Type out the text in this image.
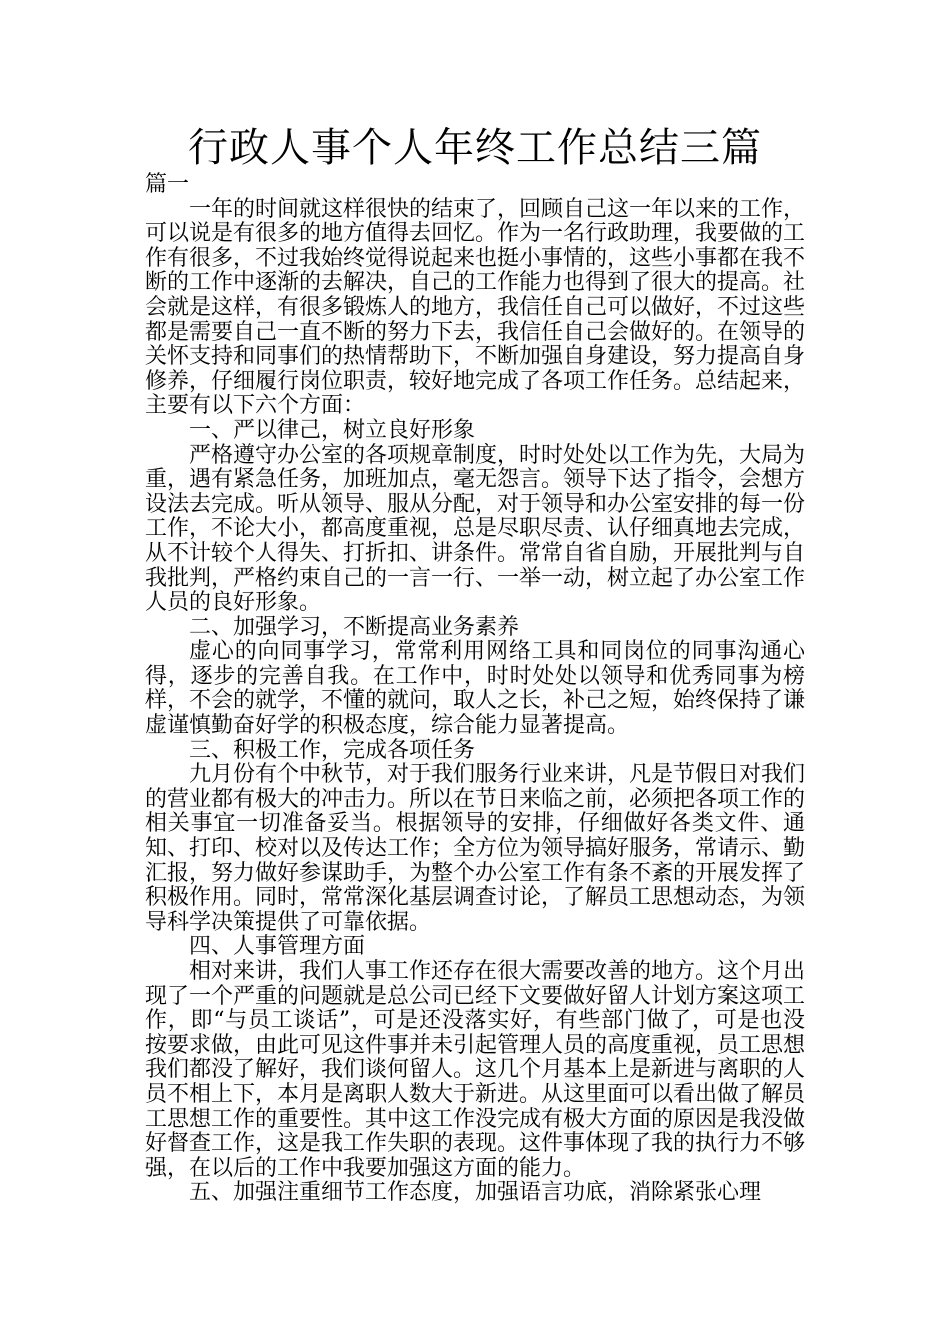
行政人事个人年终工作总结三篇

篇一

一年的时间就这样很快的结束了，回顾自己这一年以来的工作，可以说是有很多的地方值得去回忆。作为一名行政助理，我要做的工作有很多，不过我始终觉得说起来也挺小事情的，这些小事都在我不断的工作中逐渐的去解决，自己的工作能力也得到了很大的提高。社会就是这样，有很多锻炼人的地方，我信任自己可以做好，不过这些都是需要自己一直不断的努力下去，我信任自己会做好的。在领导的关怀支持和同事们的热情帮助下，不断加强自身建设，努力提高自身修养，仔细履行岗位职责，较好地完成了各项工作任务。总结起来，主要有以下六个方面：

一、严以律己，树立良好形象

严格遵守办公室的各项规章制度，时时处处以工作为先，大局为重，遇有紧急任务，加班加点，毫无怨言。领导下达了指令，会想方设法去完成。听从领导、服从分配，对于领导和办公室安排的每一份工作，不论大小，都高度重视，总是尽职尽责、认仔细真地去完成，从不计较个人得失、打折扣、讲条件。常常自省自励，开展批判与自我批判，严格约束自己的一言一行、一举一动，树立起了办公室工作人员的良好形象。

二、加强学习，不断提高业务素养

虚心的向同事学习，常常利用网络工具和同岗位的同事沟通心得，逐步的完善自我。在工作中，时时处处以领导和优秀同事为榜样，不会的就学，不懂的就问，取人之长，补己之短，始终保持了谦虚谨慎勤奋好学的积极态度，综合能力显著提高。

三、积极工作，完成各项任务

九月份有个中秋节，对于我们服务行业来讲，凡是节假日对我们的营业都有极大的冲击力。所以在节日来临之前，必须把各项工作的相关事宜一切准备妥当。根据领导的安排，仔细做好各类文件、通知、打印、校对以及传达工作；全方位为领导搞好服务，常请示、勤汇报，努力做好参谋助手，为整个办公室工作有条不紊的开展发挥了积极作用。同时，常常深化基层调查讨论，了解员工思想动态，为领导科学决策提供了可靠依据。

四、人事管理方面

相对来讲，我们人事工作还存在很大需要改善的地方。这个月出现了一个严重的问题就是总公司已经下文要做好留人计划方案这项工作，即“与员工谈话”，可是还没落实好，有些部门做了，可是也没按要求做，由此可见这件事并未引起管理人员的高度重视，员工思想我们都没了解好，我们谈何留人。这几个月基本上是新进与离职的人员不相上下，本月是离职人数大于新进。从这里面可以看出做了解员工思想工作的重要性。其中这工作没完成有极大方面的原因是我没做好督查工作，这是我工作失职的表现。这件事体现了我的执行力不够强，在以后的工作中我要加强这方面的能力。

五、加强注重细节工作态度，加强语言功底，消除紧张心理
